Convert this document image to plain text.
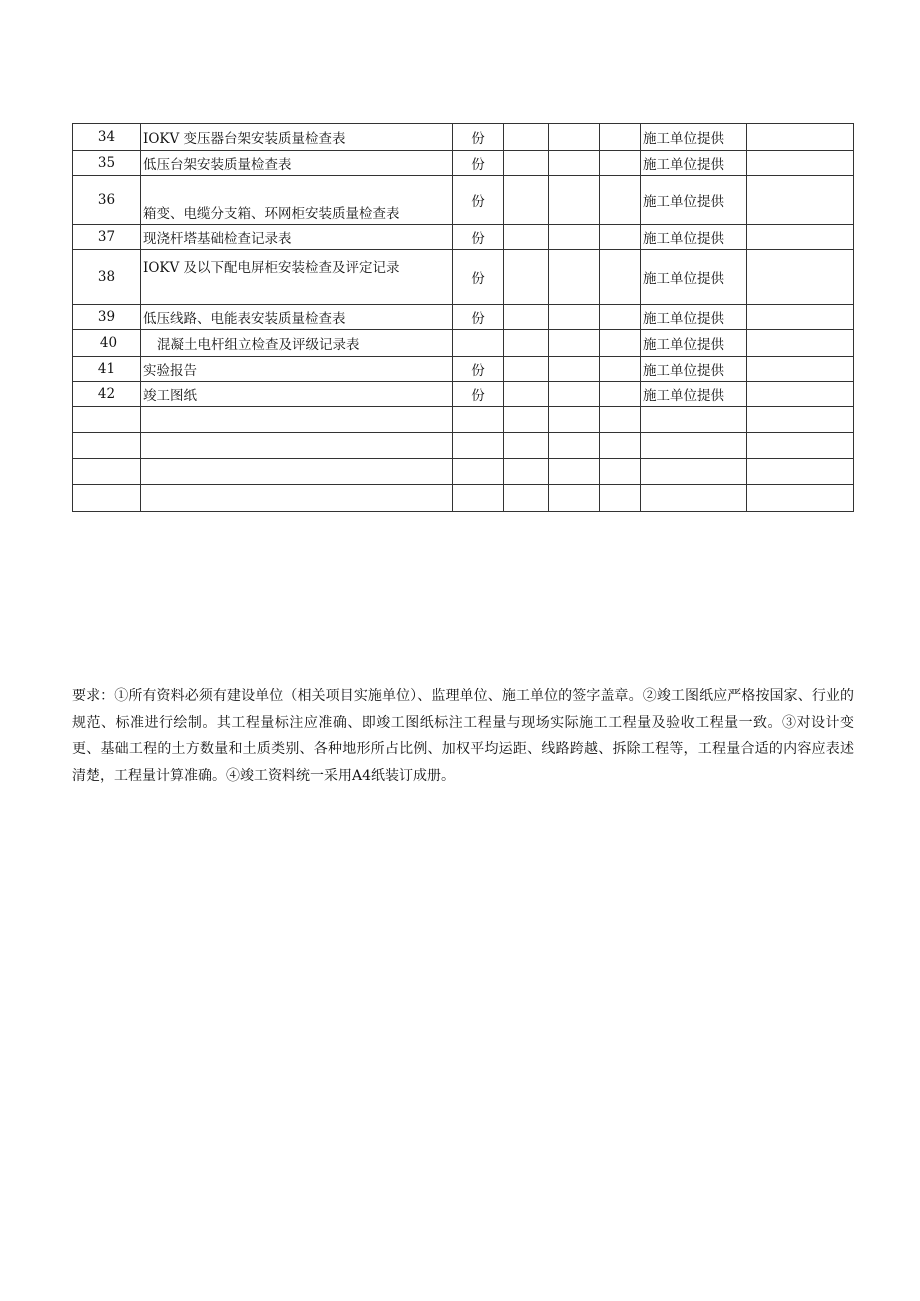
34	IOKV 变压器台架安装质量检查表	份				施工单位提供	
35	低压台架安装质量检查表	份				施工单位提供	
36	箱变、电缆分支箱、环网柜安装质量检查表	份				施工单位提供	
37	现浇杆塔基础检查记录表	份				施工单位提供	
38	IOKV 及以下配电屏柜安装检查及评定记录	份				施工单位提供	
39	低压线路、电能表安装质量检查表	份				施工单位提供	
40	混凝土电杆组立检查及评级记录表					施工单位提供	
41	实验报告	份				施工单位提供	
42	竣工图纸	份				施工单位提供	

要求：①所有资料必须有建设单位（相关项目实施单位）、监理单位、施工单位的签字盖章。②竣工图纸应严格按国家、行业的规范、标准进行绘制。其工程量标注应准确、即竣工图纸标注工程量与现场实际施工工程量及验收工程量一致。③对设计变更、基础工程的土方数量和土质类别、各种地形所占比例、加权平均运距、线路跨越、拆除工程等，工程量合适的内容应表述清楚，工程量计算准确。④竣工资料统一采用A4纸装订成册。
